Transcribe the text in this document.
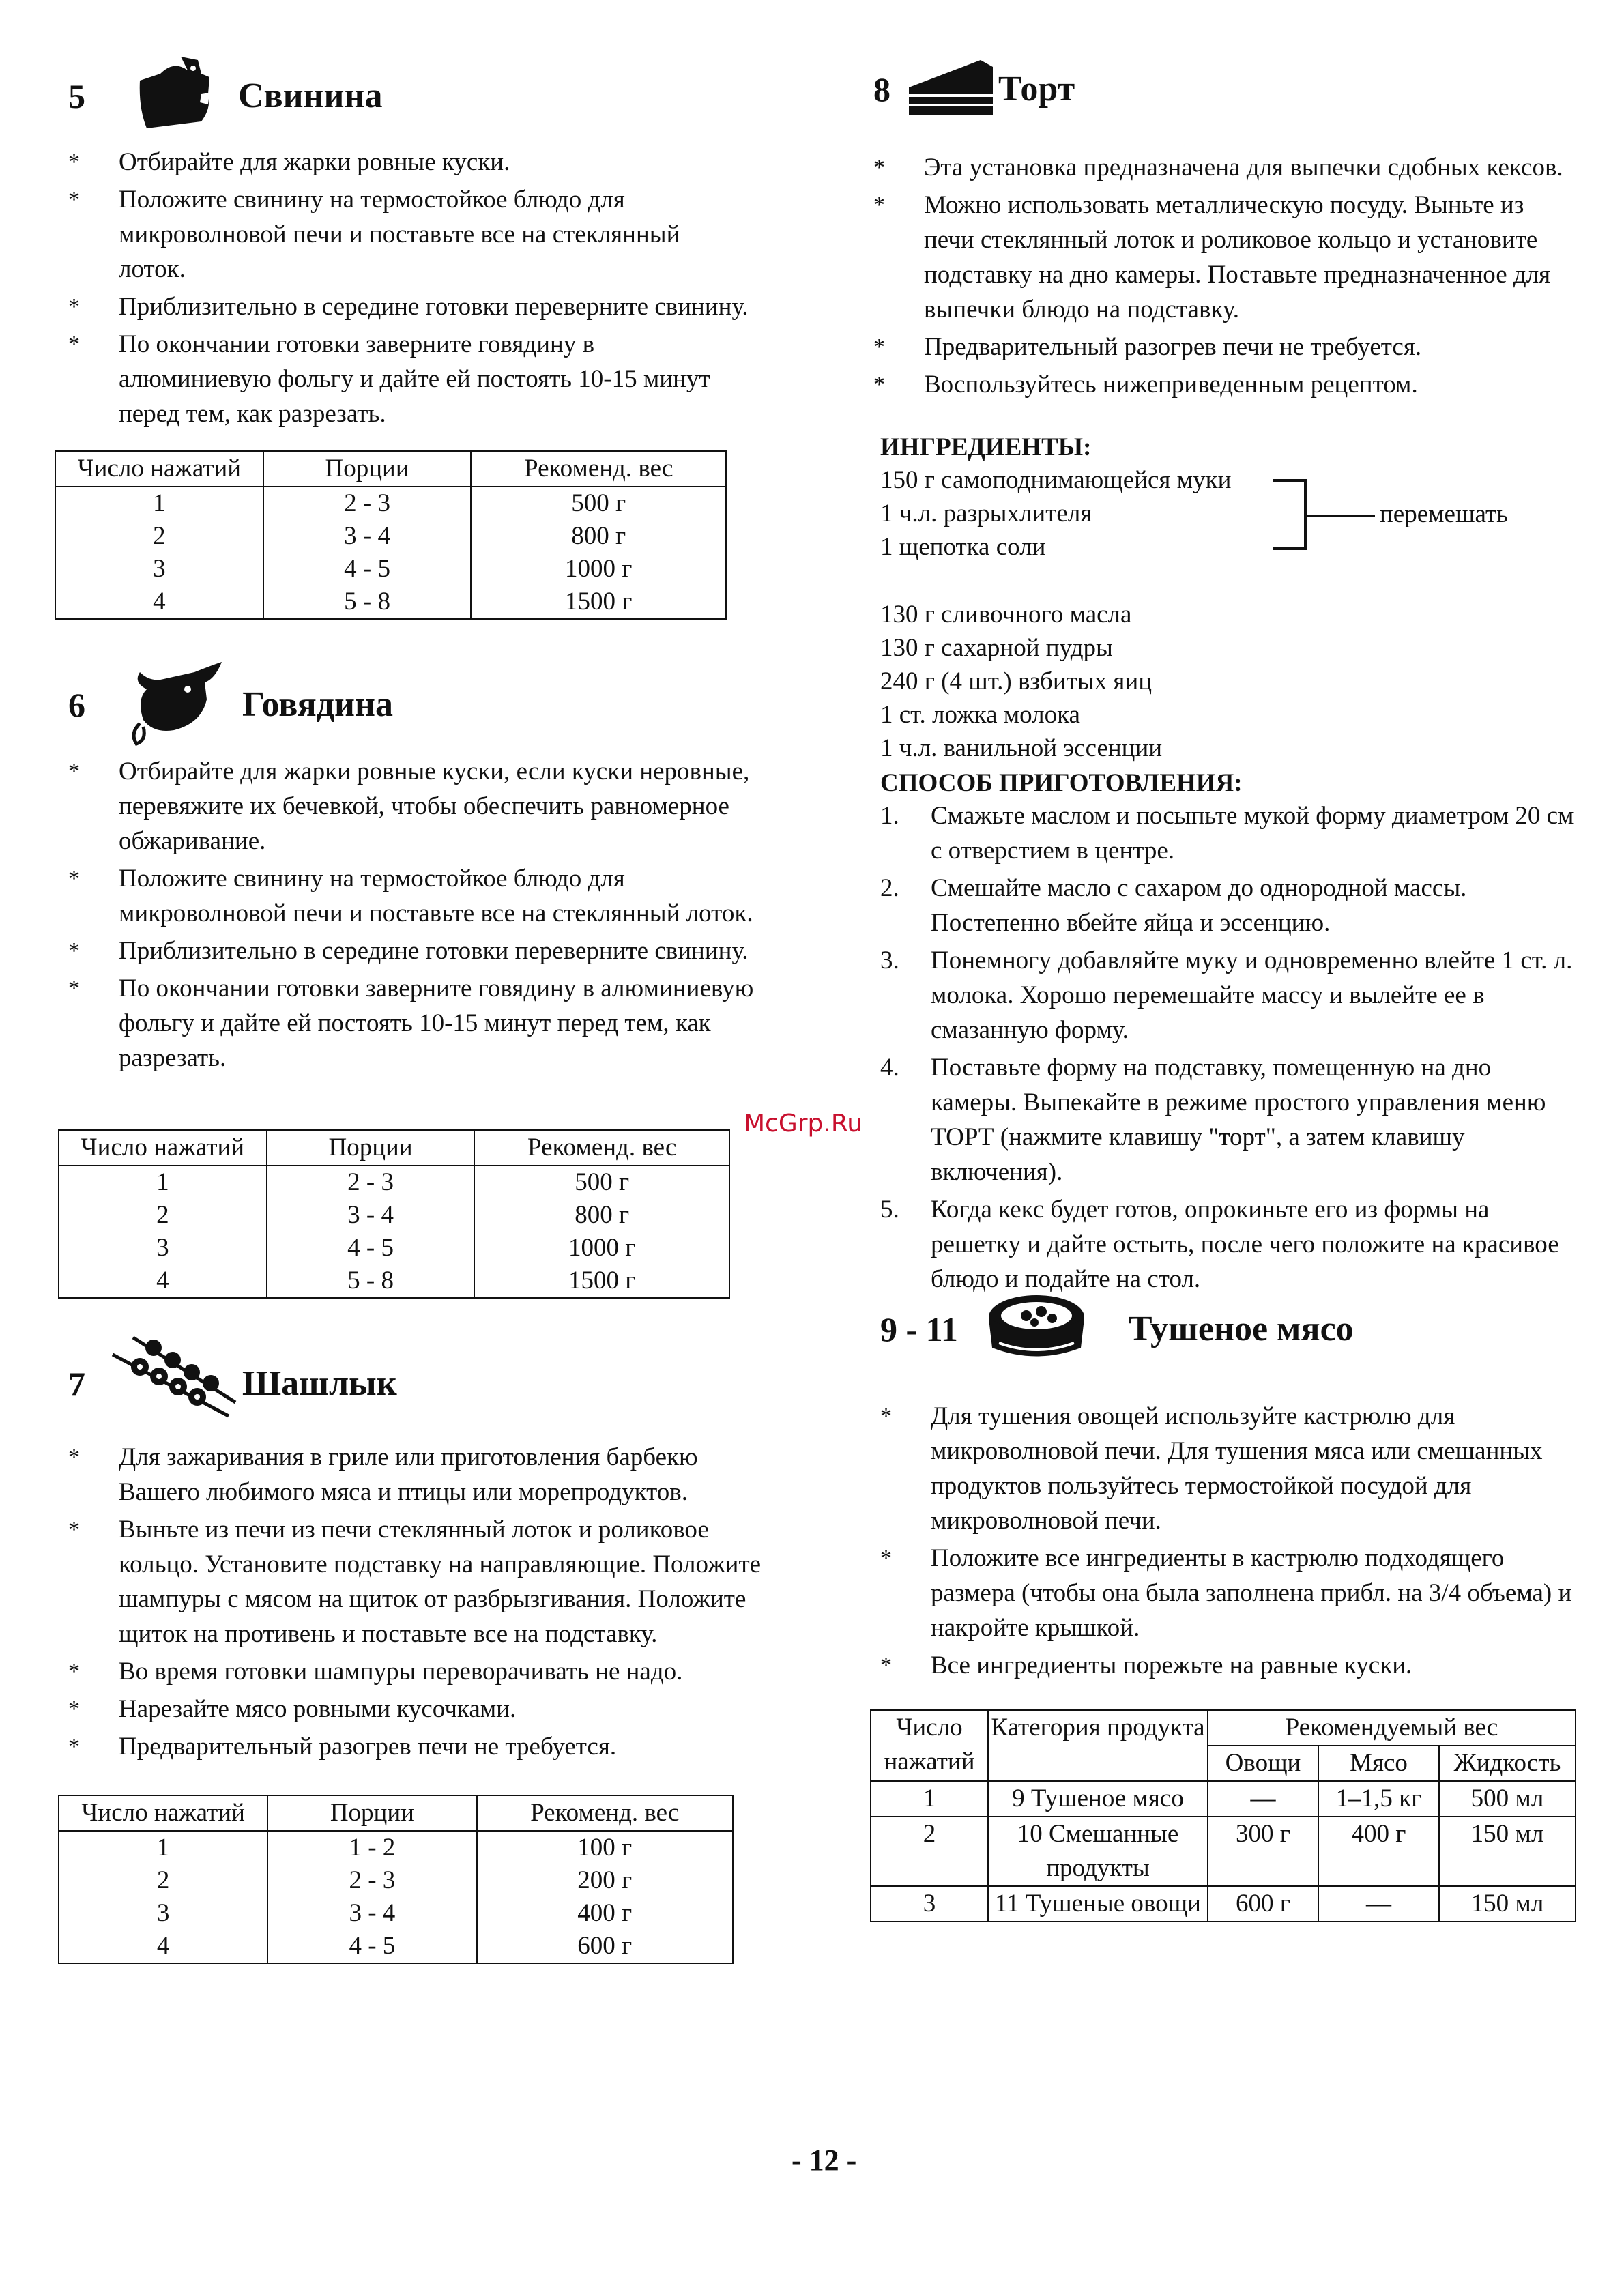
5	Свинина
* Отбирайте для жарки ровные куски.
* Положите свинину на термостойкое блюдо для микроволновой печи и поставьте все на стеклянный лоток.
* Приблизительно в середине готовки переверните свинину.
* По окончании готовки заверните говядину в алюминиевую фольгу и дайте ей постоять 10-15 минут перед тем, как разрезать.
Число нажатий	Порции	Рекоменд. вес
1	2 - 3	500 г
2	3 - 4	800 г
3	4 - 5	1000 г
4	5 - 8	1500 г
6	Говядина
* Отбирайте для жарки ровные куски, если куски неровные, перевяжите их бечевкой, чтобы обеспечить равномерное обжаривание.
* Положите свинину на термостойкое блюдо для микроволновой печи и поставьте все на стеклянный лоток.
* Приблизительно в середине готовки переверните свинину.
* По окончании готовки заверните говядину в алюминиевую фольгу и дайте ей постоять 10-15 минут перед тем, как разрезать.
Число нажатий	Порции	Рекоменд. вес
1	2 - 3	500 г
2	3 - 4	800 г
3	4 - 5	1000 г
4	5 - 8	1500 г
7	Шашлык
* Для зажаривания в гриле или приготовления барбекю Вашего любимого мяса и птицы или морепродуктов.
* Выньте из печи из печи стеклянный лоток и роликовое кольцо. Установите подставку на направляющие. Положите шампуры с мясом на щиток от разбрызгивания. Положите щиток на противень и поставьте все на подставку.
* Во время готовки шампуры переворачивать не надо.
* Нарезайте мясо ровными кусочками.
* Предварительный разогрев печи не требуется.
Число нажатий	Порции	Рекоменд. вес
1	1 - 2	100 г
2	2 - 3	200 г
3	3 - 4	400 г
4	4 - 5	600 г
8	Торт
* Эта установка предназначена для выпечки сдобных кексов.
* Можно использовать металлическую посуду. Выньте из печи стеклянный лоток и роликовое кольцо и установите подставку на дно камеры. Поставьте предназначенное для выпечки блюдо на подставку.
* Предварительный разогрев печи не требуется.
* Воспользуйтесь нижеприведенным рецептом.
ИНГРЕДИЕНТЫ:
150 г самоподнимающейся муки
1 ч.л. разрыхлителя
1 щепотка соли
перемешать
130 г сливочного масла
130 г сахарной пудры
240 г (4 шт.) взбитых яиц
1 ст. ложка молока
1 ч.л. ванильной эссенции
СПОСОБ ПРИГОТОВЛЕНИЯ:
1. Смажьте маслом и посыпьте мукой форму диаметром 20 см с отверстием в центре.
2. Смешайте масло с сахаром до однородной массы. Постепенно вбейте яйца и эссенцию.
3. Понемногу добавляйте муку и одновременно влейте 1 ст. л. молока. Хорошо перемешайте массу и вылейте ее в смазанную форму.
4. Поставьте форму на подставку, помещенную на дно камеры. Выпекайте в режиме простого управления меню ТОРТ (нажмите клавишу "торт", а затем клавишу включения).
5. Когда кекс будет готов, опрокиньте его из формы на решетку и дайте остыть, после чего положите на красивое блюдо и подайте на стол.
9 - 11	Тушеное мясо
* Для тушения овощей используйте кастрюлю для микроволновой печи. Для тушения мяса или смешанных продуктов пользуйтесь термостойкой посудой для микроволновой печи.
* Положите все ингредиенты в кастрюлю подходящего размера (чтобы она была заполнена прибл. на 3/4 объема) и накройте крышкой.
* Все ингредиенты порежьте на равные куски.
Число нажатий	Категория продукта	Рекомендуемый вес		
		Овощи	Мясо	Жидкость
1	9 Тушеное мясо	—	1–1,5 кг	500 мл
2	10 Смешанные продукты	300 г	400 г	150 мл
3	11 Тушеные овощи	600 г	—	150 мл
McGrp.Ru
- 12 -
